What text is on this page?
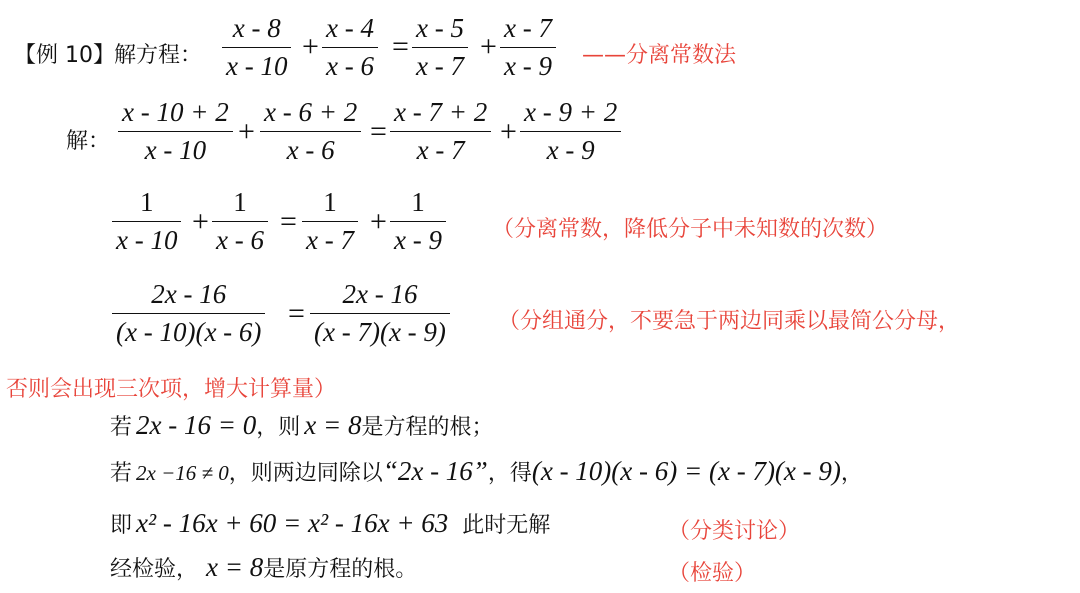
【例 10】 解方程：
x - 8
x - 10
+
x - 4
x - 6
=
x - 5
x - 7
+
x - 7
x - 9 ——分离常数法
解：
x - 10 + 2
x - 10
+
x - 6 + 2
x - 6
=
x - 7 + 2
x - 7
+
x - 9 + 2
x - 9
1
x - 10
+
1
x - 6
=
1
x - 7
+
1
x - 9 （分离常数，降低分子中未知数的次数）
2x - 16
(x - 10)(x - 6)
=
2x - 16
(x - 7)(x - 9) （分组通分，不要急于两边同乘以最简公分母，
否则会出现三次项，增大计算量）
若 2x - 16 = 0 ，则 x = 8 是方程的根；
若 2x −16 ≠ 0 ，则两边同除以 “2x - 16” ，得 (x - 10)(x - 6) = (x - 7)(x - 9) ，
即 x² - 16x + 60 = x² - 16x + 63 此时无解	（分类讨论）
经检验， x = 8 是原方程的根。	（检验）
